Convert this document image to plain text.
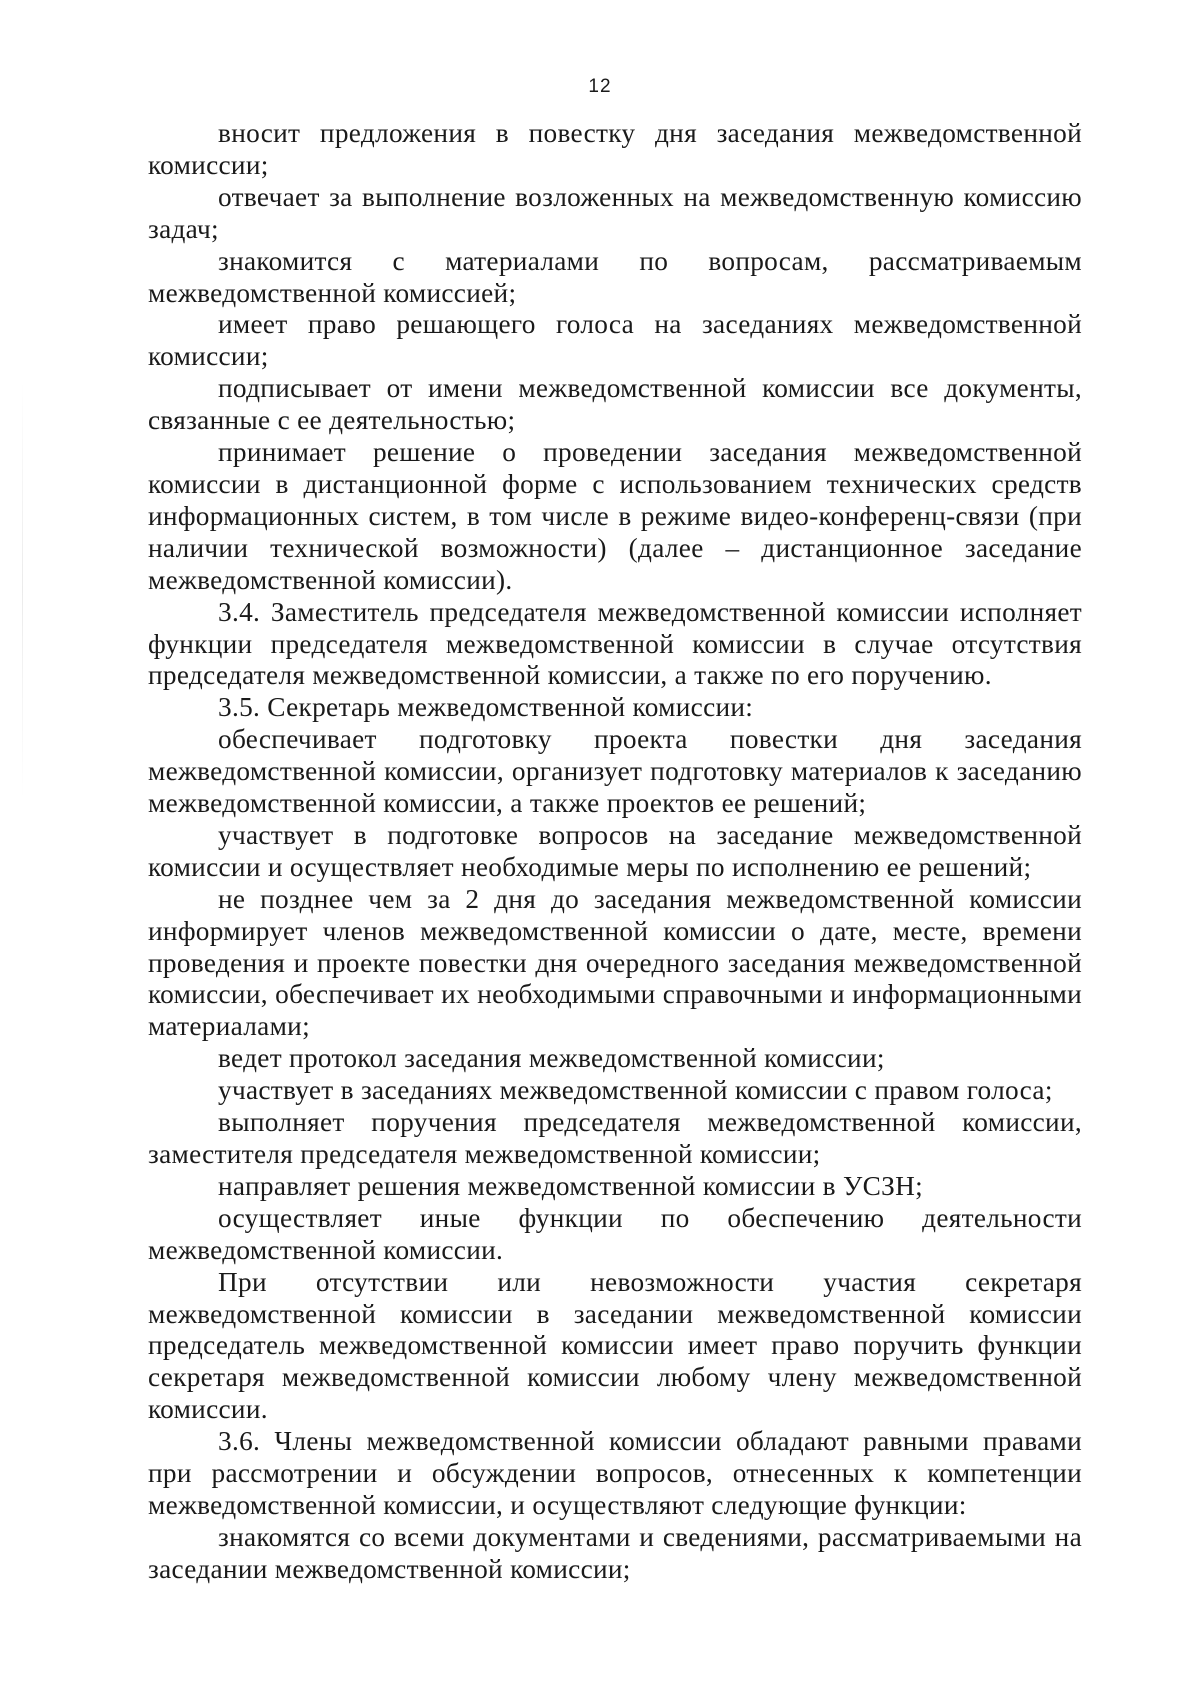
12

вносит предложения в повестку дня заседания межведомственной комиссии;

отвечает за выполнение возложенных на межведомственную комиссию задач;

знакомится с материалами по вопросам, рассматриваемым межведомственной комиссией;

имеет право решающего голоса на заседаниях межведомственной комиссии;

подписывает от имени межведомственной комиссии все документы, связанные с ее деятельностью;

принимает решение о проведении заседания межведомственной комиссии в дистанционной форме с использованием технических средств информационных систем, в том числе в режиме видео-конференц-связи (при наличии технической возможности) (далее – дистанционное заседание межведомственной комиссии).

3.4. Заместитель председателя межведомственной комиссии исполняет функции председателя межведомственной комиссии в случае отсутствия председателя межведомственной комиссии, а также по его поручению.

3.5. Секретарь межведомственной комиссии:

обеспечивает подготовку проекта повестки дня заседания межведомственной комиссии, организует подготовку материалов к заседанию межведомственной комиссии, а также проектов ее решений;

участвует в подготовке вопросов на заседание межведомственной комиссии и осуществляет необходимые меры по исполнению ее решений;

не позднее чем за 2 дня до заседания межведомственной комиссии информирует членов межведомственной комиссии о дате, месте, времени проведения и проекте повестки дня очередного заседания межведомственной комиссии, обеспечивает их необходимыми справочными и информационными материалами;

ведет протокол заседания межведомственной комиссии;

участвует в заседаниях межведомственной комиссии с правом голоса;

выполняет поручения председателя межведомственной комиссии, заместителя председателя межведомственной комиссии;

направляет решения межведомственной комиссии в УСЗН;

осуществляет иные функции по обеспечению деятельности межведомственной комиссии.

При отсутствии или невозможности участия секретаря межведомственной комиссии в заседании межведомственной комиссии председатель межведомственной комиссии имеет право поручить функции секретаря межведомственной комиссии любому члену межведомственной комиссии.

3.6. Члены межведомственной комиссии обладают равными правами при рассмотрении и обсуждении вопросов, отнесенных к компетенции межведомственной комиссии, и осуществляют следующие функции:

знакомятся со всеми документами и сведениями, рассматриваемыми на заседании межведомственной комиссии;
